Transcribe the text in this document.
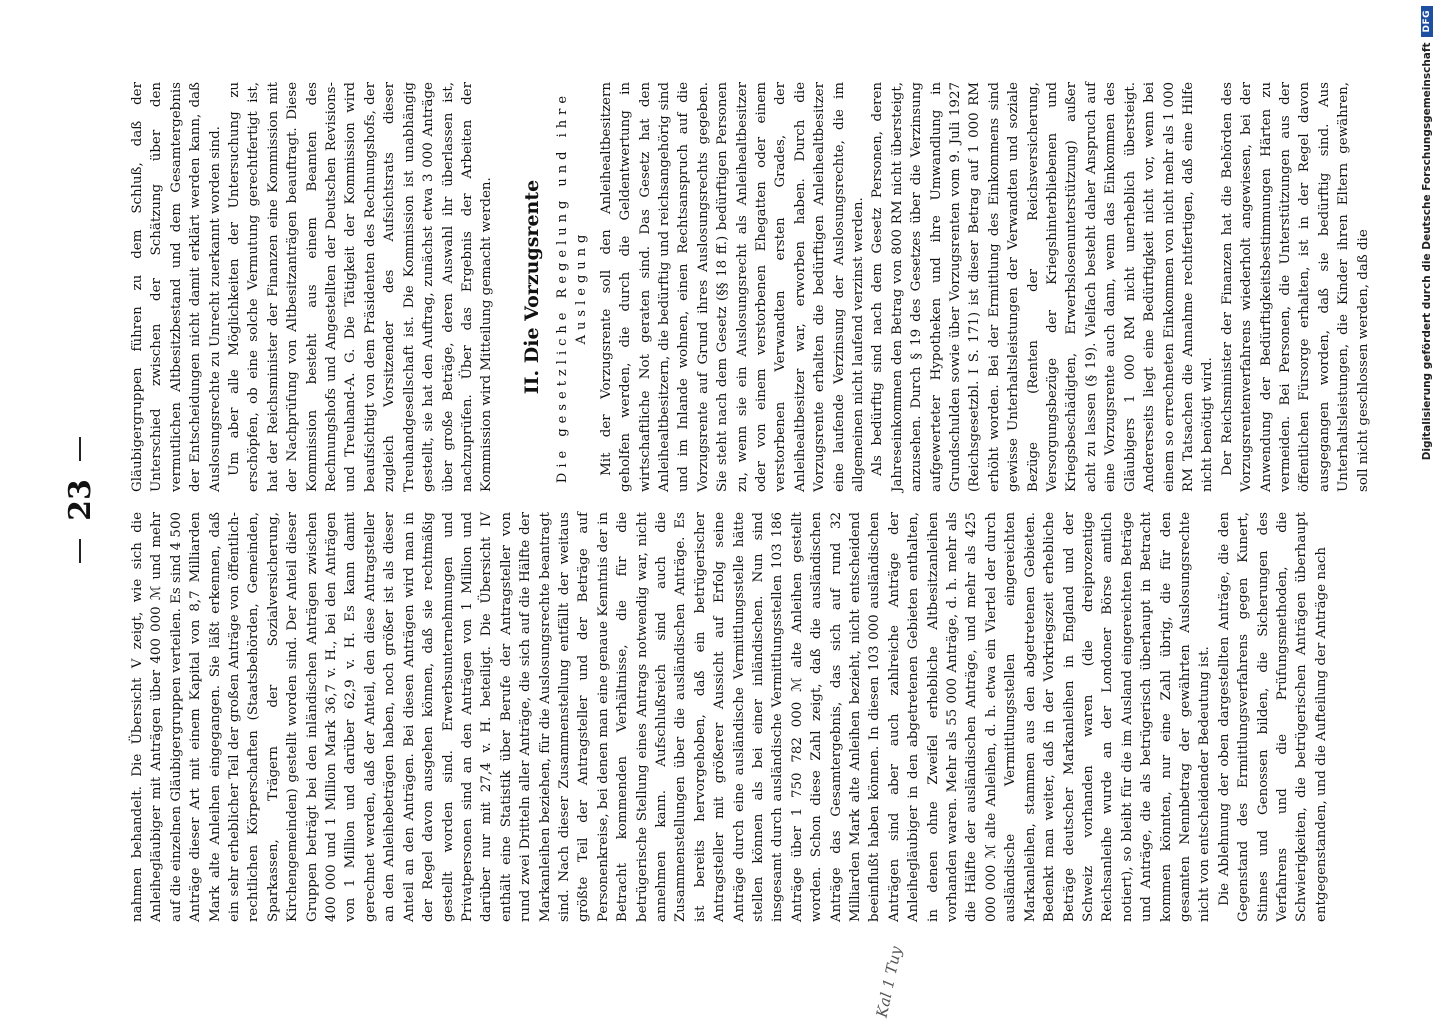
23

nahmen behandelt. Die Übersicht V zeigt, wie sich die Anleihegläubiger mit Anträgen über 400 000 ℳ und mehr auf die einzelnen Gläubigergruppen verteilen. Es sind 4 500 Anträge dieser Art mit einem Kapital von 8,7 Milliarden Mark alte Anleihen eingegangen. Sie läßt erkennen, daß ein sehr erheblicher Teil der großen Anträge von öffentlich-rechtlichen Körperschaften (Staatsbehörden, Gemeinden, Sparkassen, Trägern der Sozialversicherung, Kirchengemeinden) gestellt worden sind. Der Anteil dieser Gruppen beträgt bei den inländischen Anträgen zwischen 400 000 und 1 Million Mark 36,7 v. H., bei den Anträgen von 1 Million und darüber 62,9 v. H. Es kann damit gerechnet werden, daß der Anteil, den diese Antragsteller an den Anleihebeträgen haben, noch größer ist als dieser Anteil an den Anträgen. Bei diesen Anträgen wird man in der Regel davon ausgehen können, daß sie rechtmäßig gestellt worden sind. Erwerbsunternehmungen und Privatpersonen sind an den Anträgen von 1 Million und darüber nur mit 27,4 v. H. beteiligt. Die Übersicht IV enthält eine Statistik über Berufe der Antragsteller von rund zwei Dritteln aller Anträge, die sich auf die Hälfte der Markanleihen beziehen, für die Auslosungsrechte beantragt sind. Nach dieser Zusammenstellung entfällt der weitaus größte Teil der Antragsteller und der Beträge auf Personenkreise, bei denen man eine genaue Kenntnis der in Betracht kommenden Verhältnisse, die für die betrügerische Stellung eines Antrags notwendig war, nicht annehmen kann. Aufschlußreich sind auch die Zusammenstellungen über die ausländischen Anträge. Es ist bereits hervorgehoben, daß ein betrügerischer Antragsteller mit größerer Aussicht auf Erfolg seine Anträge durch eine ausländische Vermittlungsstelle hätte stellen können als bei einer inländischen. Nun sind insgesamt durch ausländische Vermittlungsstellen 103 186 Anträge über 1 750 782 000 ℳ alte Anleihen gestellt worden. Schon diese Zahl zeigt, daß die ausländischen Anträge das Gesamtergebnis, das sich auf rund 32 Milliarden Mark alte Anleihen bezieht, nicht entscheidend beeinflußt haben können. In diesen 103 000 ausländischen Anträgen sind aber auch zahlreiche Anträge der Anleihegläubiger in den abgetretenen Gebieten enthalten, in denen ohne Zweifel erhebliche Altbesitzanleihen vorhanden waren. Mehr als 55 000 Anträge, d. h. mehr als die Hälfte der ausländischen Anträge, und mehr als 425 000 000 ℳ alte Anleihen, d. h. etwa ein Viertel der durch ausländische Vermittlungsstellen eingereichten Markanleihen, stammen aus den abgetretenen Gebieten. Bedenkt man weiter, daß in der Vorkriegszeit erhebliche Beträge deutscher Markanleihen in England und der Schweiz vorhanden waren (die dreiprozentige Reichsanleihe wurde an der Londoner Börse amtlich notiert), so bleibt für die im Ausland eingereichten Beträge und Anträge, die als betrügerisch überhaupt in Betracht kommen könnten, nur eine Zahl übrig, die für den gesamten Nennbetrag der gewährten Auslosungsrechte nicht von entscheidender Bedeutung ist. Die Ablehnung der oben dargestellten Anträge, die den Gegenstand des Ermittlungsverfahrens gegen Kunert, Stinnes und Genossen bilden, die Sicherungen des Verfahrens und die Prüfungsmethoden, die Schwierigkeiten, die betrügerischen Anträgen überhaupt entgegenstanden, und die Aufteilung der Anträge nach

Gläubigergruppen führen zu dem Schluß, daß der Unterschied zwischen der Schätzung über den vermutlichen Altbesitzbestand und dem Gesamtergebnis der Entscheidungen nicht damit erklärt werden kann, daß Auslosungsrechte zu Unrecht zuerkannt worden sind. Um aber alle Möglichkeiten der Untersuchung zu erschöpfen, ob eine solche Vermutung gerechtfertigt ist, hat der Reichsminister der Finanzen eine Kommission mit der Nachprüfung von Altbesitzanträgen beauftragt. Diese Kommission besteht aus einem Beamten des Rechnungshofs und Angestellten der Deutschen Revisions- und Treuhand-A. G. Die Tätigkeit der Kommission wird beaufsichtigt von dem Präsidenten des Rechnungshofs, der zugleich Vorsitzender des Aufsichtsrats dieser Treuhandgesellschaft ist. Die Kommission ist unabhängig gestellt, sie hat den Auftrag, zunächst etwa 3 000 Anträge über große Beträge, deren Auswahl ihr überlassen ist, nachzuprüfen. Über das Ergebnis der Arbeiten der Kommission wird Mitteilung gemacht werden. II. Die Vorzugsrente Die gesetzliche Regelung und ihre Auslegung Mit der Vorzugsrente soll den Anleihealtbesitzern geholfen werden, die durch die Geldentwertung in wirtschaftliche Not geraten sind. Das Gesetz hat den Anleihealtbesitzern, die bedürftig und reichsangehörig sind und im Inlande wohnen, einen Rechtsanspruch auf die Vorzugsrente auf Grund ihres Auslosungsrechts gegeben. Sie steht nach dem Gesetz (§§ 18 ff.) bedürftigen Personen zu, wenn sie ein Auslosungsrecht als Anleihealtbesitzer oder von einem verstorbenen Ehegatten oder einem verstorbenen Verwandten ersten Grades, der Anleihealtbesitzer war, erworben haben. Durch die Vorzugsrente erhalten die bedürftigen Anleihealtbesitzer eine laufende Verzinsung der Auslosungsrechte, die im allgemeinen nicht laufend verzinst werden. Als bedürftig sind nach dem Gesetz Personen, deren Jahreseinkommen den Betrag von 800 RM nicht übersteigt, anzusehen. Durch § 19 des Gesetzes über die Verzinsung aufgewerteter Hypotheken und ihre Umwandlung in Grundschulden sowie über Vorzugsrenten vom 9. Juli 1927 (Reichsgesetzbl. I S. 171) ist dieser Betrag auf 1 000 RM erhöht worden. Bei der Ermittlung des Einkommens sind gewisse Unterhaltsleistungen der Verwandten und soziale Bezüge (Renten der Reichsversicherung, Versorgungsbezüge der Kriegshinterbliebenen und Kriegsbeschädigten, Erwerbslosenunterstützung) außer acht zu lassen (§ 19). Vielfach besteht daher Anspruch auf eine Vorzugsrente auch dann, wenn das Einkommen des Gläubigers 1 000 RM nicht unerheblich übersteigt. Andererseits liegt eine Bedürftigkeit nicht vor, wenn bei einem so errechneten Einkommen von nicht mehr als 1 000 RM Tatsachen die Annahme rechtfertigen, daß eine Hilfe nicht benötigt wird. Der Reichsminister der Finanzen hat die Behörden des Vorzugsrentenverfahrens wiederholt angewiesen, bei der Anwendung der Bedürftigkeitsbestimmungen Härten zu vermeiden. Bei Personen, die Unterstützungen aus der öffentlichen Fürsorge erhalten, ist in der Regel davon ausgegangen worden, daß sie bedürftig sind. Aus Unterhaltsleistungen, die Kinder ihren Eltern gewähren, soll nicht geschlossen werden, daß die

Kal 1 Tuy
Digitalisierung gefördert durch die Deutsche Forschungsgemeinschaft
DFG
